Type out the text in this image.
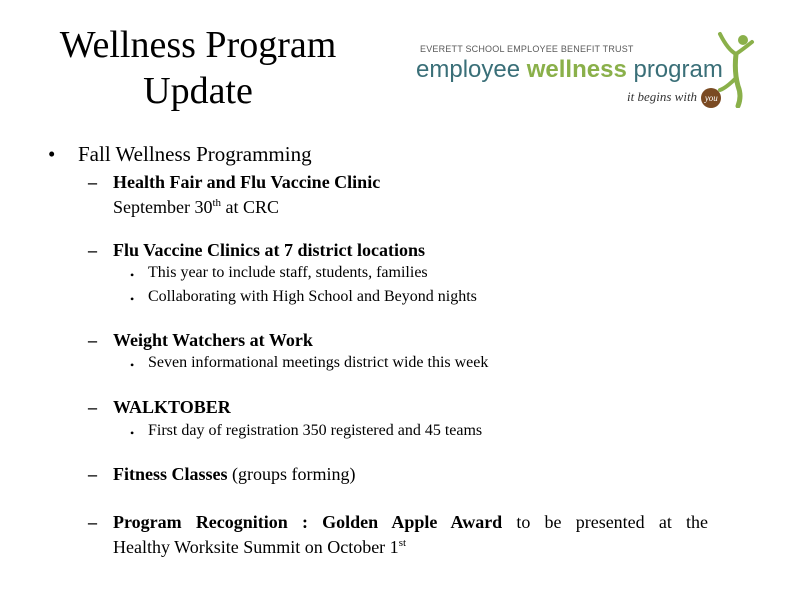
Wellness Program
Update
EVERETT SCHOOL EMPLOYEE BENEFIT TRUST
employee wellness program
it begins with you
• Fall Wellness Programming
– Health Fair and Flu Vaccine Clinic
September 30th at CRC
– Flu Vaccine Clinics at 7 district locations
• This year to include staff, students, families
• Collaborating with High School and Beyond nights
– Weight Watchers at Work
• Seven informational meetings district wide this week
– WALKTOBER
• First day of registration 350 registered and 45 teams
– Fitness Classes (groups forming)
– Program Recognition : Golden Apple Award to be presented at the
Healthy Worksite Summit on October 1st
